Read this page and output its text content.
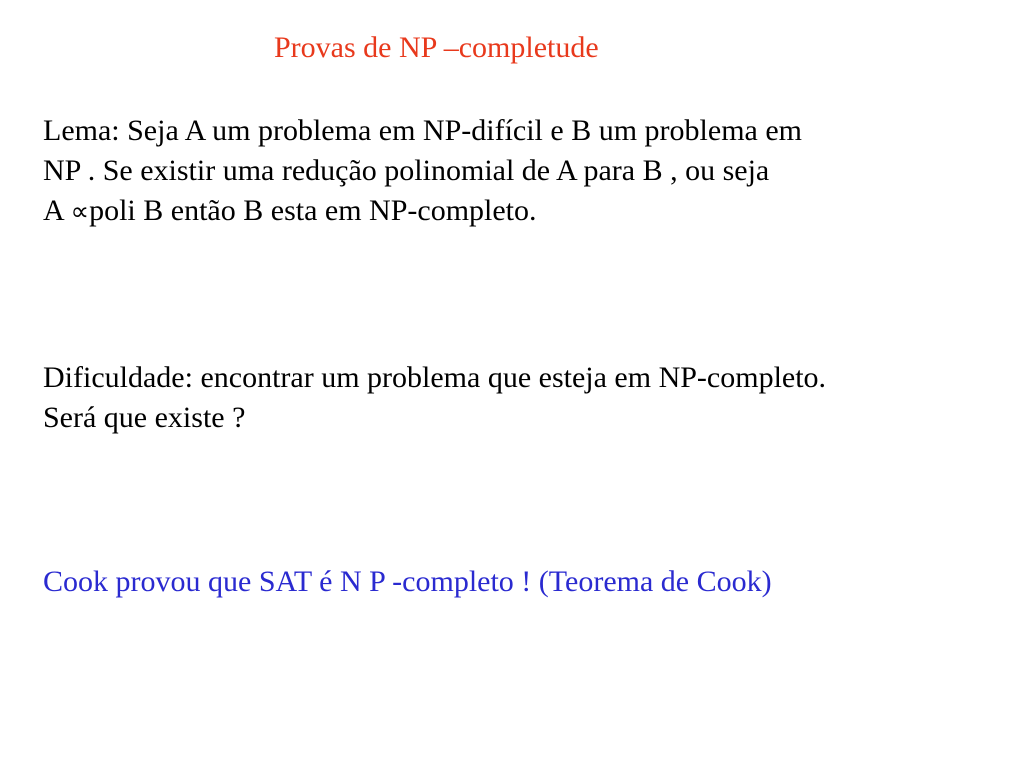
Provas de NP –completude
Lema: Seja A um problema em NP-difícil e B um problema em
NP . Se existir uma redução polinomial de A para B , ou seja
A ∝poli B então B esta em NP-completo.
Dificuldade: encontrar um problema que esteja em NP-completo.
Será que existe ?
Cook provou que SAT é N P -completo ! (Teorema de Cook)
